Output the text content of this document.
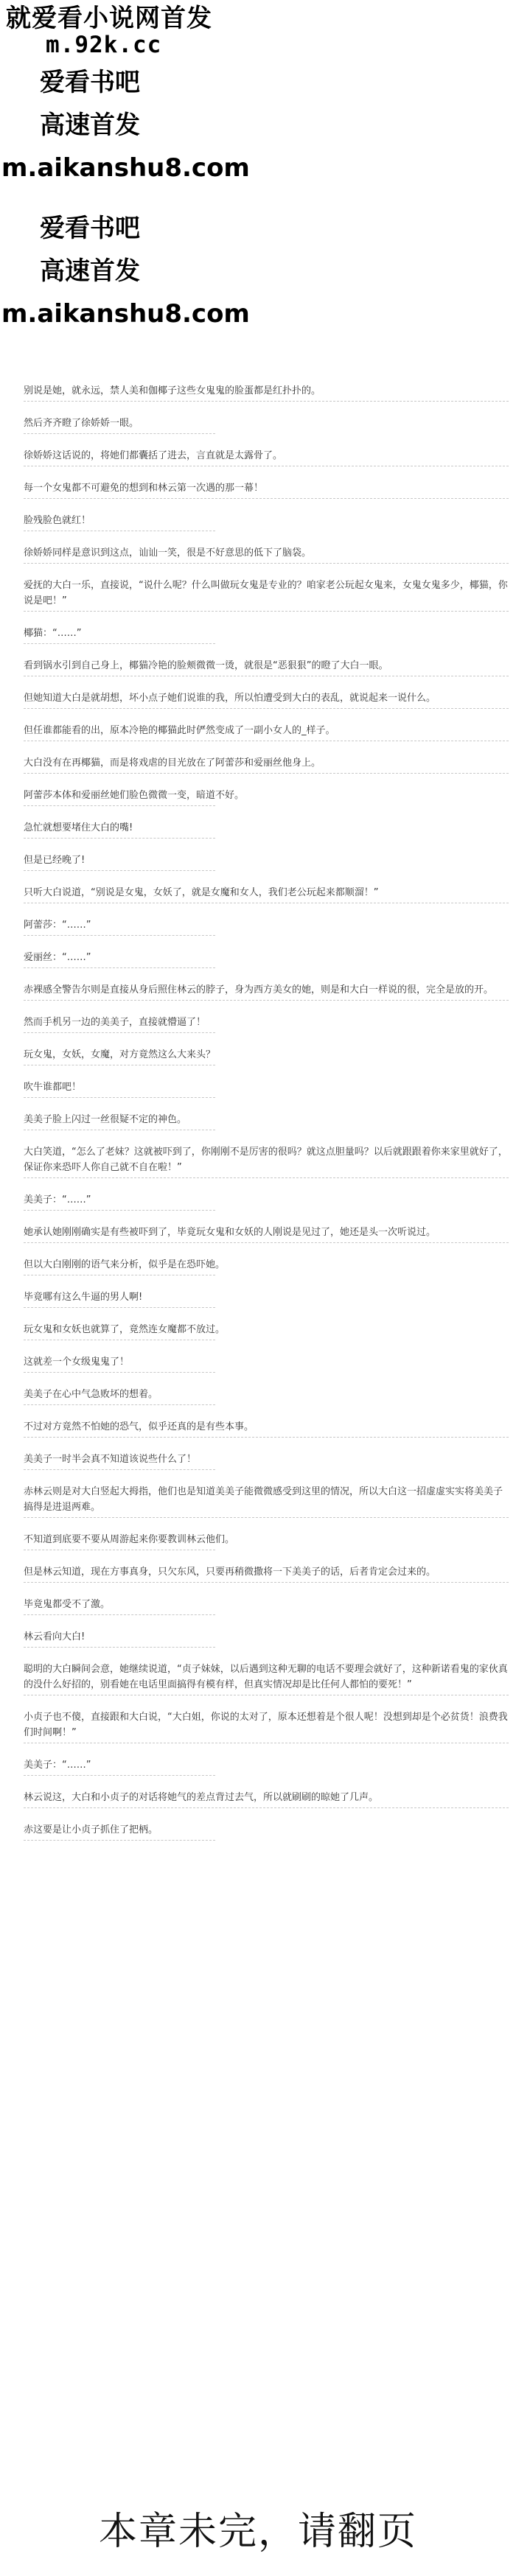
就爱看小说网首发

m.92k.cc

爱看书吧

高速首发

m.aikanshu8.com

爱看书吧

高速首发

m.aikanshu8.com

别说是她，就永远，禁人美和伽椰子这些女鬼鬼的脸蛋都是红扑扑的。

然后齐齐瞪了徐娇娇一眼。

徐娇娇这话说的，将她们都囊括了进去，言直就是太露骨了。

每一个女鬼都不可避免的想到和林云第一次遇的那一幕！

脸残脸色就红！

徐娇娇同样是意识到这点，讪讪一笑，很是不好意思的低下了脑袋。

爱抚的大白一乐，直接说，“说什么呢？什么叫做玩女鬼是专业的？咱家老公玩起女鬼来，女鬼女鬼多少，椰猫，你说是吧！”

椰猫：“……”

看到锅水引到自己身上，椰猫冷艳的脸颊微微一烫，就很是“恶狠狠”的瞪了大白一眼。

但她知道大白是就胡想，坏小点子她们说谁的我，所以怕遭受到大白的表乱，就说起来一说什么。

但任谁都能看的出，原本冷艳的椰猫此时俨然变成了一副小女人的_样子。

大白没有在再椰猫，而是将戏虐的目光放在了阿蕾莎和爱丽丝他身上。

阿蕾莎本体和爱丽丝她们脸色微微一变，暗道不好。

急忙就想要堵住大白的嘴!

但是已经晚了!

只听大白说道，“别说是女鬼，女妖了，就是女魔和女人，我们老公玩起来都顺溜！”

阿蕾莎：“……”

爱丽丝：“……”

赤裸感全警告尔则是直接从身后照住林云的脖子，身为西方美女的她，则是和大白一样说的很，完全是放的开。

然而手机另一边的美美子，直接就懵逼了！

玩女鬼，女妖，女魔，对方竟然这么大来头？

吹牛谁都吧！

美美子脸上闪过一丝很疑不定的神色。

大白笑道，“怎么了老妹？这就被吓到了，你刚刚不是厉害的很吗？就这点胆量吗？以后就跟跟着你来家里就好了，保证你来恐吓人你自己就不自在啦！”

美美子：“……”

她承认她刚刚确实是有些被吓到了，毕竟玩女鬼和女妖的人刚说是见过了，她还是头一次听说过。

但以大白刚刚的语气来分析，似乎是在恐吓她。

毕竟哪有这么牛逼的男人啊!

玩女鬼和女妖也就算了，竟然连女魔都不放过。

这就差一个女级鬼鬼了！

美美子在心中气急败坏的想着。

不过对方竟然不怕她的恐气，似乎还真的是有些本事。

美美子一时半会真不知道该说些什么了！

赤林云则是对大白竖起大拇指，他们也是知道美美子能微微感受到这里的情况，所以大白这一招虚虚实实将美美子搞得是进退两难。

不知道到底要不要从周游起来你要教训林云他们。

但是林云知道，现在方事真身，只欠东风，只要再稍微撒将一下美美子的话，后者肯定会过来的。

毕竟鬼都受不了激。

林云看向大白!

聪明的大白瞬间会意，她继续说道，“贞子妹妹，以后遇到这种无聊的电话不要理会就好了，这种新诺看鬼的家伙真的没什么好招的，别看她在电话里面搞得有模有样，但真实情况却是比任何人都怕的要死！”

小贞子也不傻，直接跟和大白说，“大白姐，你说的太对了，原本还想着是个很人呢！没想到却是个必贫货！浪费我们时间啊！”

美美子：“……”

林云说这，大白和小贞子的对话将她气的差点背过去气，所以就刷刷的晾她了几声。

赤这要是让小贞子抓住了把柄。

本章未完，请翻页
